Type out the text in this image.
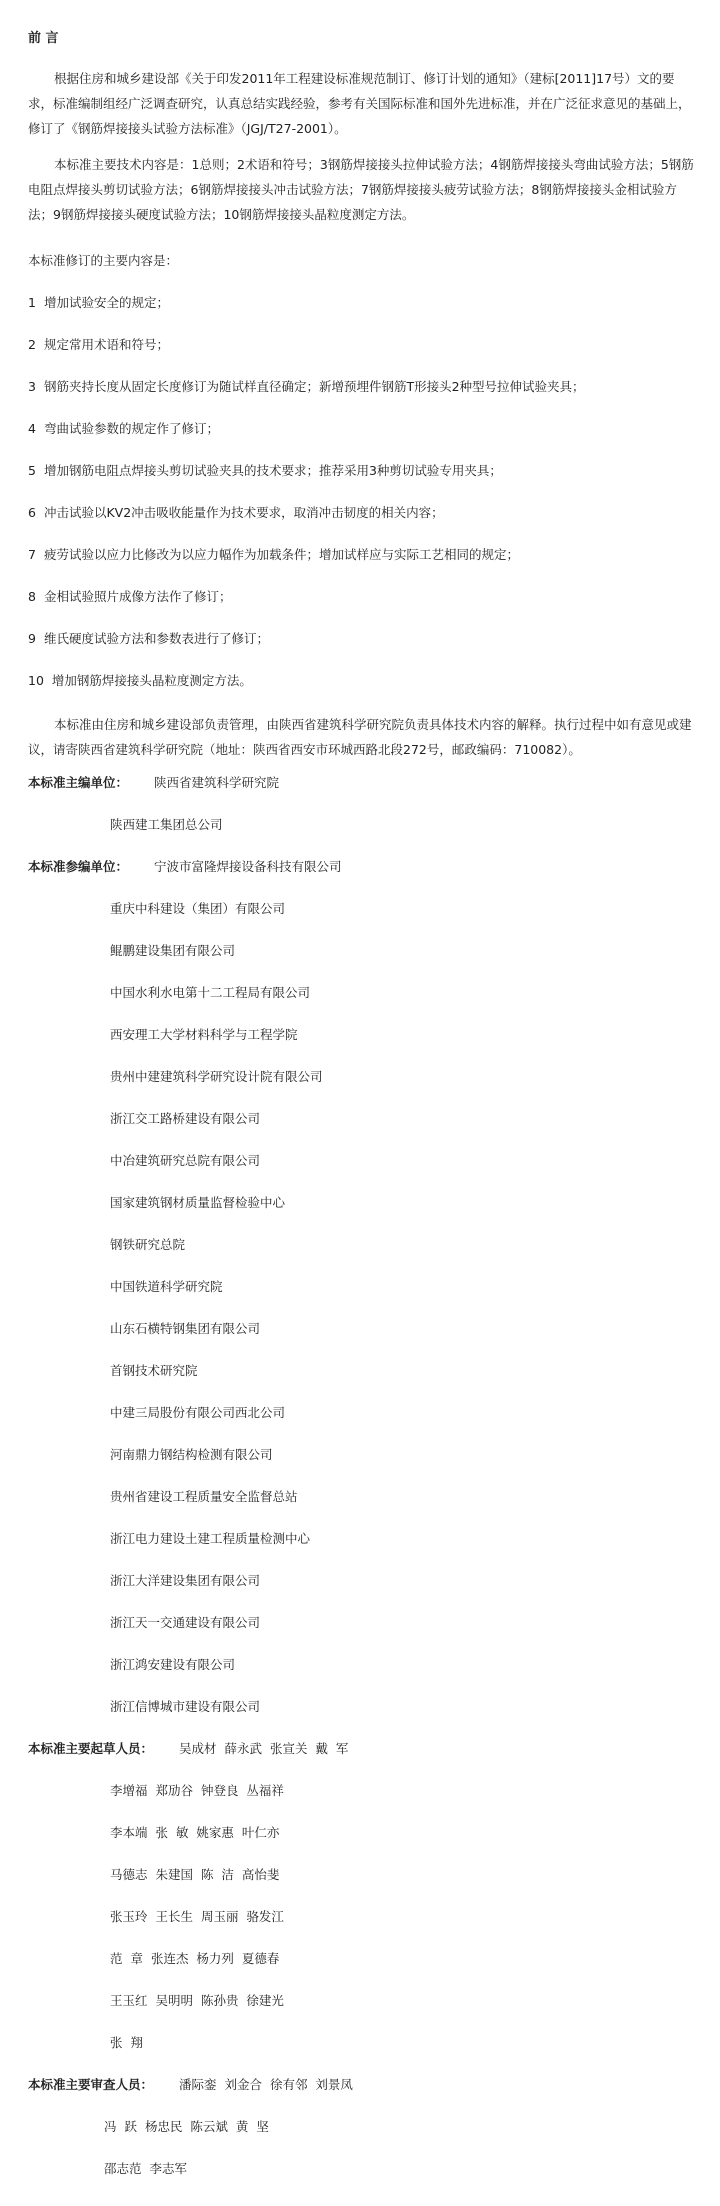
前 言
根据住房和城乡建设部《关于印发2011年工程建设标准规范制订、修订计划的通知》（建标[2011]17号）文的要求，标准编制组经广泛调查研究，认真总结实践经验，参考有关国际标准和国外先进标准，并在广泛征求意见的基础上，修订了《钢筋焊接接头试验方法标准》（JGJ/T27-2001）。
本标准主要技术内容是：1总则；2术语和符号；3钢筋焊接接头拉伸试验方法；4钢筋焊接接头弯曲试验方法；5钢筋电阻点焊接头剪切试验方法；6钢筋焊接接头冲击试验方法；7钢筋焊接接头疲劳试验方法；8钢筋焊接接头金相试验方法；9钢筋焊接接头硬度试验方法；10钢筋焊接接头晶粒度测定方法。
本标准修订的主要内容是：
1 增加试验安全的规定；
2 规定常用术语和符号；
3 钢筋夹持长度从固定长度修订为随试样直径确定；新增预埋件钢筋T形接头2种型号拉伸试验夹具；
4 弯曲试验参数的规定作了修订；
5 增加钢筋电阻点焊接头剪切试验夹具的技术要求；推荐采用3种剪切试验专用夹具；
6 冲击试验以KV2冲击吸收能量作为技术要求，取消冲击韧度的相关内容；
7 疲劳试验以应力比修改为以应力幅作为加载条件；增加试样应与实际工艺相同的规定；
8 金相试验照片成像方法作了修订；
9 维氏硬度试验方法和参数表进行了修订；
10 增加钢筋焊接接头晶粒度测定方法。
本标准由住房和城乡建设部负责管理，由陕西省建筑科学研究院负责具体技术内容的解释。执行过程中如有意见或建议，请寄陕西省建筑科学研究院（地址：陕西省西安市环城西路北段272号，邮政编码：710082）。
本标准主编单位： 陕西省建筑科学研究院
陕西建工集团总公司
本标准参编单位： 宁波市富隆焊接设备科技有限公司
重庆中科建设（集团）有限公司
鲲鹏建设集团有限公司
中国水利水电第十二工程局有限公司
西安理工大学材料科学与工程学院
贵州中建建筑科学研究设计院有限公司
浙江交工路桥建设有限公司
中冶建筑研究总院有限公司
国家建筑钢材质量监督检验中心
钢铁研究总院
中国铁道科学研究院
山东石横特钢集团有限公司
首钢技术研究院
中建三局股份有限公司西北公司
河南鼎力钢结构检测有限公司
贵州省建设工程质量安全监督总站
浙江电力建设土建工程质量检测中心
浙江大洋建设集团有限公司
浙江天一交通建设有限公司
浙江鸿安建设有限公司
浙江信博城市建设有限公司
本标准主要起草人员： 吴成材 薛永武 张宣关 戴 军
李增福 郑劢谷 钟登良 丛福祥
李本端 张 敏 姚家惠 叶仁亦
马德志 朱建国 陈 洁 高怡斐
张玉玲 王长生 周玉丽 骆发江
范 章 张连杰 杨力列 夏德春
王玉红 吴明明 陈孙贵 徐建光
张 翔
本标准主要审查人员： 潘际銮 刘金合 徐有邻 刘景凤
冯 跃 杨忠民 陈云斌 黄 坚
邵志范 李志军
